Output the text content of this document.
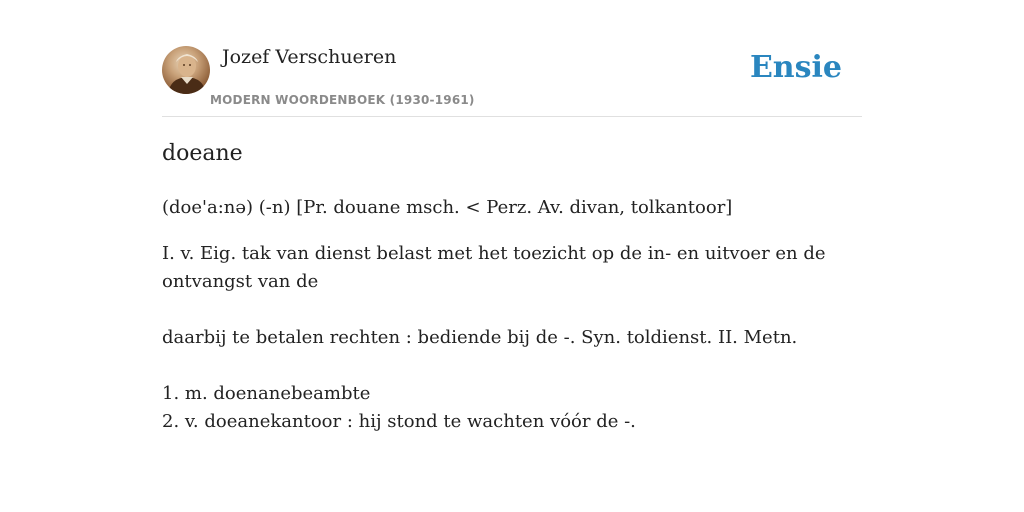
Jozef Verschueren
MODERN WOORDENBOEK (1930-1961)
Ensie
doeane

(doe'a:nə) (-n) [Pr. douane msch. < Perz. Av. divan, tolkantoor]

I. v. Eig. tak van dienst belast met het toezicht op de in- en uitvoer en de ontvangst van de

daarbij te betalen rechten : bediende bij de -. Syn. toldienst. II. Metn.

1. m. doenanebeambte

2. v. doeanekantoor : hij stond te wachten vóór de -.
